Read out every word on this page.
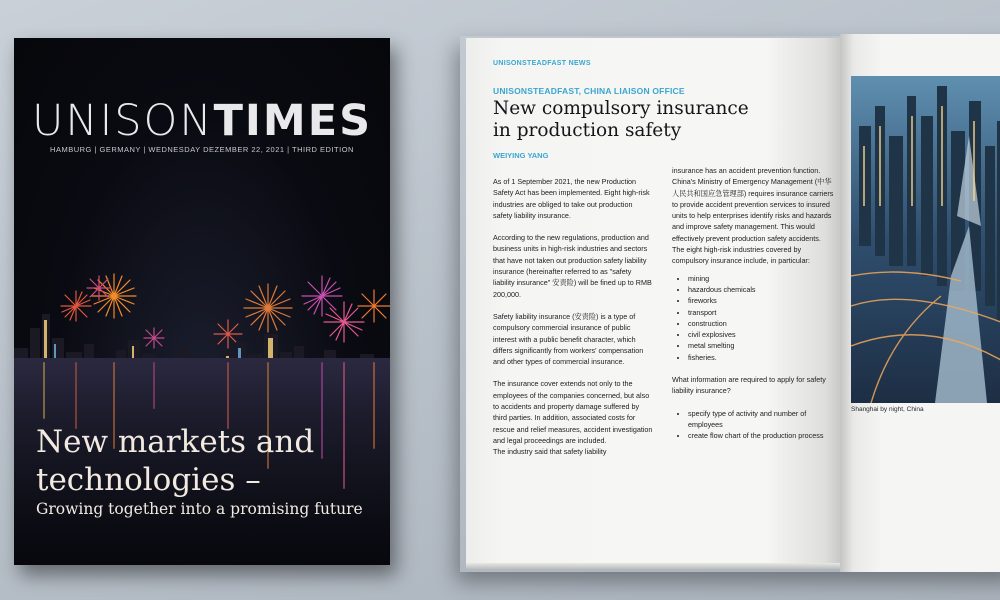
UNISONTIMES
HAMBURG | GERMANY | WEDNESDAY DEZEMBER 22, 2021 | THIRD EDITION
New markets and
technologies –
Growing together into a promising future
UNISONSTEADFAST NEWS
UNISONSTEADFAST, CHINA LIAISON OFFICE
New compulsory insurance
in production safety
WEIYING YANG

As of 1 September 2021, the new Production Safety Act has been implemented. Eight high-risk industries are obliged to take out production safety liability insurance.

According to the new regulations, production and business units in high-risk industries and sectors that have not taken out production safety liability insurance (hereinafter referred to as "safety liability insurance" 安责险) will be fined up to RMB 200,000.

Safety liability insurance (安责险) is a type of compulsory commercial insurance of public interest with a public benefit character, which differs significantly from workers' compensation and other types of commercial insurance.

The insurance cover extends not only to the employees of the companies concerned, but also to accidents and property damage suffered by third parties. In addition, associated costs for rescue and relief measures, accident investigation and legal proceedings are included.

The industry said that safety liability

insurance has an accident prevention function. China's Ministry of Emergency Management (中华人民共和国应急管理部) requires insurance carriers to provide accident prevention services to insured units to help enterprises identify risks and hazards and improve safety management. This would effectively prevent production safety accidents.

The eight high-risk industries covered by compulsory insurance include, in particular:

• mining
• hazardous chemicals
• fireworks
• transport
• construction
• civil explosives
• metal smelting
• fisheries.

What information are required to apply for safety liability insurance?

• specify type of activity and number of employees
• create flow chart of the production process
Shanghai by night, China
